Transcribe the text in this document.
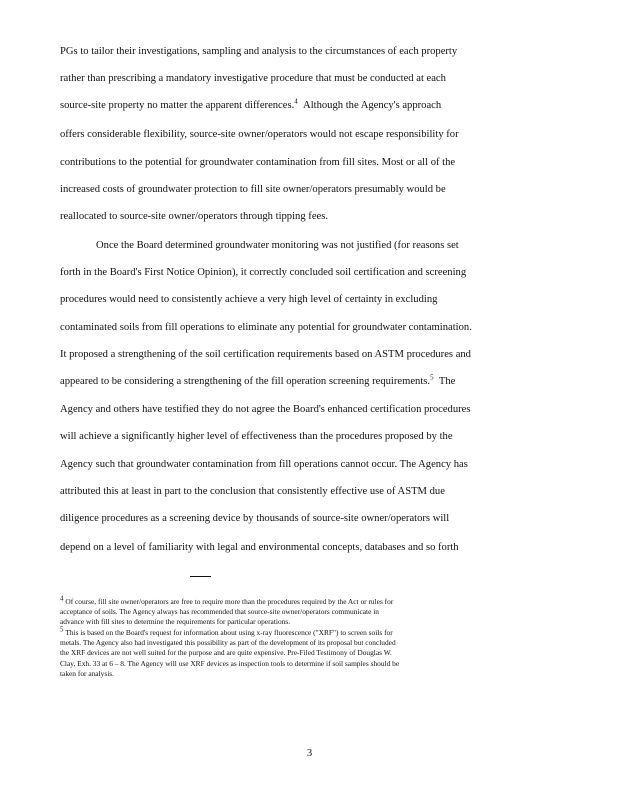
PGs to tailor their investigations, sampling and analysis to the circumstances of each property
rather than prescribing a mandatory investigative procedure that must be conducted at each
source-site property no matter the apparent differences.$^4$ Although the Agency's approach
offers considerable flexibility, source-site owner/operators would not escape responsibility for
contributions to the potential for groundwater contamination from fill sites. Most or all of the
increased costs of groundwater protection to fill site owner/operators presumably would be
reallocated to source-site owner/operators through tipping fees.
Once the Board determined groundwater monitoring was not justified (for reasons set
forth in the Board's First Notice Opinion), it correctly concluded soil certification and screening
procedures would need to consistently achieve a very high level of certainty in excluding
contaminated soils from fill operations to eliminate any potential for groundwater contamination.
It proposed a strengthening of the soil certification requirements based on ASTM procedures and
appeared to be considering a strengthening of the fill operation screening requirements.$^5$ The
Agency and others have testified they do not agree the Board's enhanced certification procedures
will achieve a significantly higher level of effectiveness than the procedures proposed by the
Agency such that groundwater contamination from fill operations cannot occur. The Agency has
attributed this at least in part to the conclusion that consistently effective use of ASTM due
diligence procedures as a screening device by thousands of source-site owner/operators will
depend on a level of familiarity with legal and environmental concepts, databases and so forth
4 Of course, fill site owner/operators are free to require more than the procedures required by the Act or rules for
acceptance of soils. The Agency always has recommended that source-site owner/operators communicate in
advance with fill sites to determine the requirements for particular operations.
5 This is based on the Board's request for information about using x-ray fluorescence ("XRF") to screen soils for
metals. The Agency also had investigated this possibility as part of the development of its proposal but concluded
the XRF devices are not well suited for the purpose and are quite expensive. Pre-Filed Testimony of Douglas W.
Clay, Exh. 33 at 6 – 8. The Agency will use XRF devices as inspection tools to determine if soil samples should be
taken for analysis.
3
